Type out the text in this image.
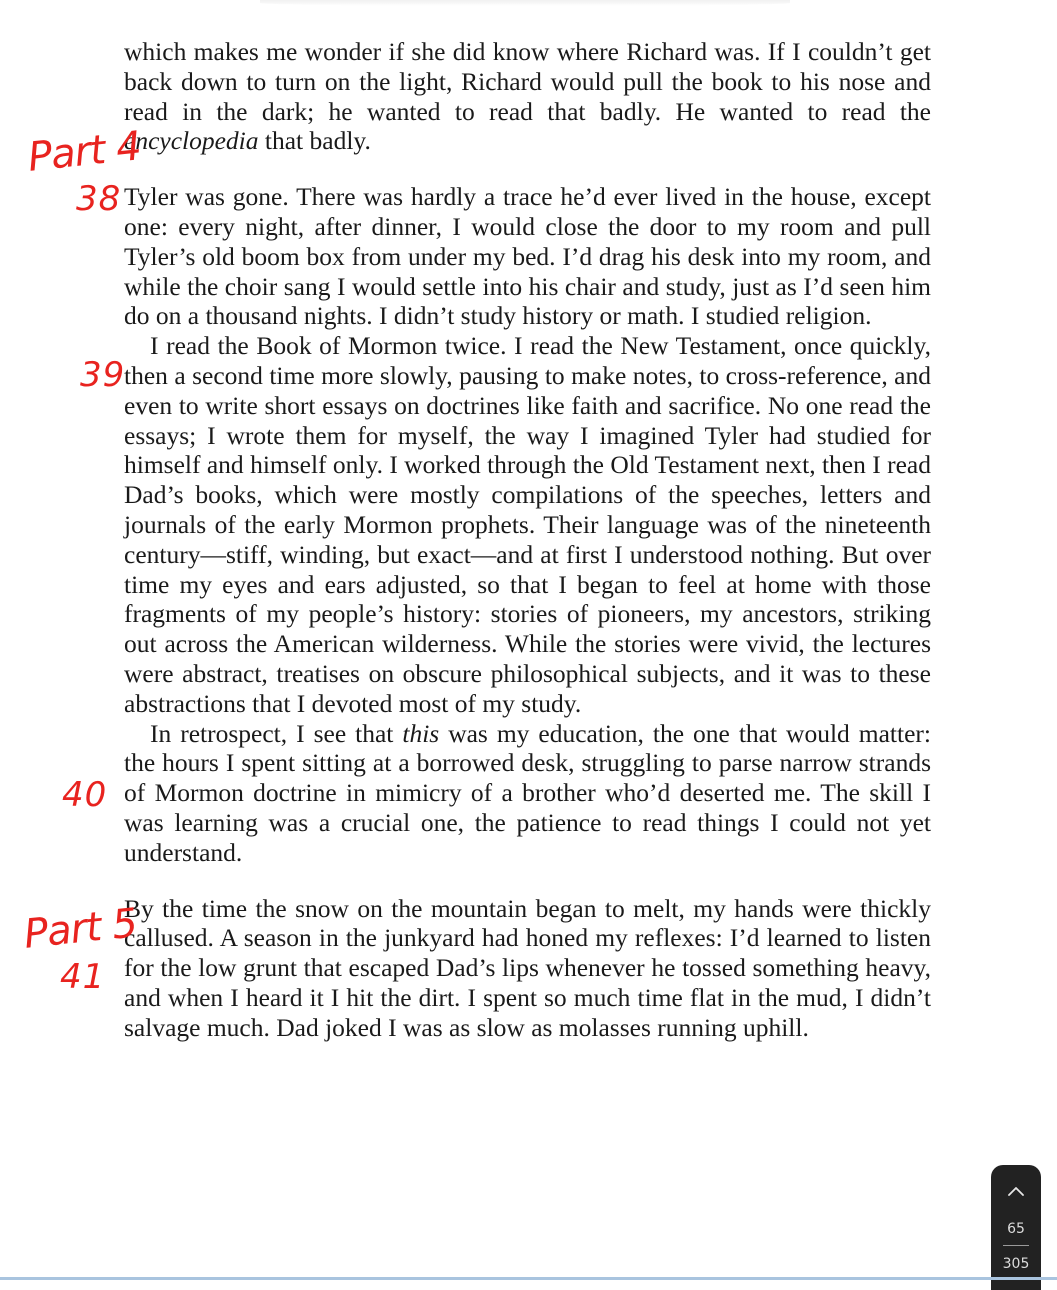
which makes me wonder if she did know where Richard was. If I couldn’t get back down to turn on the light, Richard would pull the book to his nose and read in the dark; he wanted to read that badly. He wanted to read the encyclopedia that badly.

Tyler was gone. There was hardly a trace he’d ever lived in the house, except one: every night, after dinner, I would close the door to my room and pull Tyler’s old boom box from under my bed. I’d drag his desk into my room, and while the choir sang I would settle into his chair and study, just as I’d seen him do on a thousand nights. I didn’t study history or math. I studied religion.

I read the Book of Mormon twice. I read the New Testament, once quickly, then a second time more slowly, pausing to make notes, to cross-reference, and even to write short essays on doctrines like faith and sacrifice. No one read the essays; I wrote them for myself, the way I imagined Tyler had studied for himself and himself only. I worked through the Old Testament next, then I read Dad’s books, which were mostly compilations of the speeches, letters and journals of the early Mormon prophets. Their language was of the nineteenth century—stiff, winding, but exact—and at first I understood nothing. But over time my eyes and ears adjusted, so that I began to feel at home with those fragments of my people’s history: stories of pioneers, my ancestors, striking out across the American wilderness. While the stories were vivid, the lectures were abstract, treatises on obscure philosophical subjects, and it was to these abstractions that I devoted most of my study.

In retrospect, I see that this was my education, the one that would matter: the hours I spent sitting at a borrowed desk, struggling to parse narrow strands of Mormon doctrine in mimicry of a brother who’d deserted me. The skill I was learning was a crucial one, the patience to read things I could not yet understand.

By the time the snow on the mountain began to melt, my hands were thickly callused. A season in the junkyard had honed my reflexes: I’d learned to listen for the low grunt that escaped Dad’s lips whenever he tossed something heavy, and when I heard it I hit the dirt. I spent so much time flat in the mud, I didn’t salvage much. Dad joked I was as slow as molasses running uphill.

Part 4
38
39
40
Part 5
41
65
305
